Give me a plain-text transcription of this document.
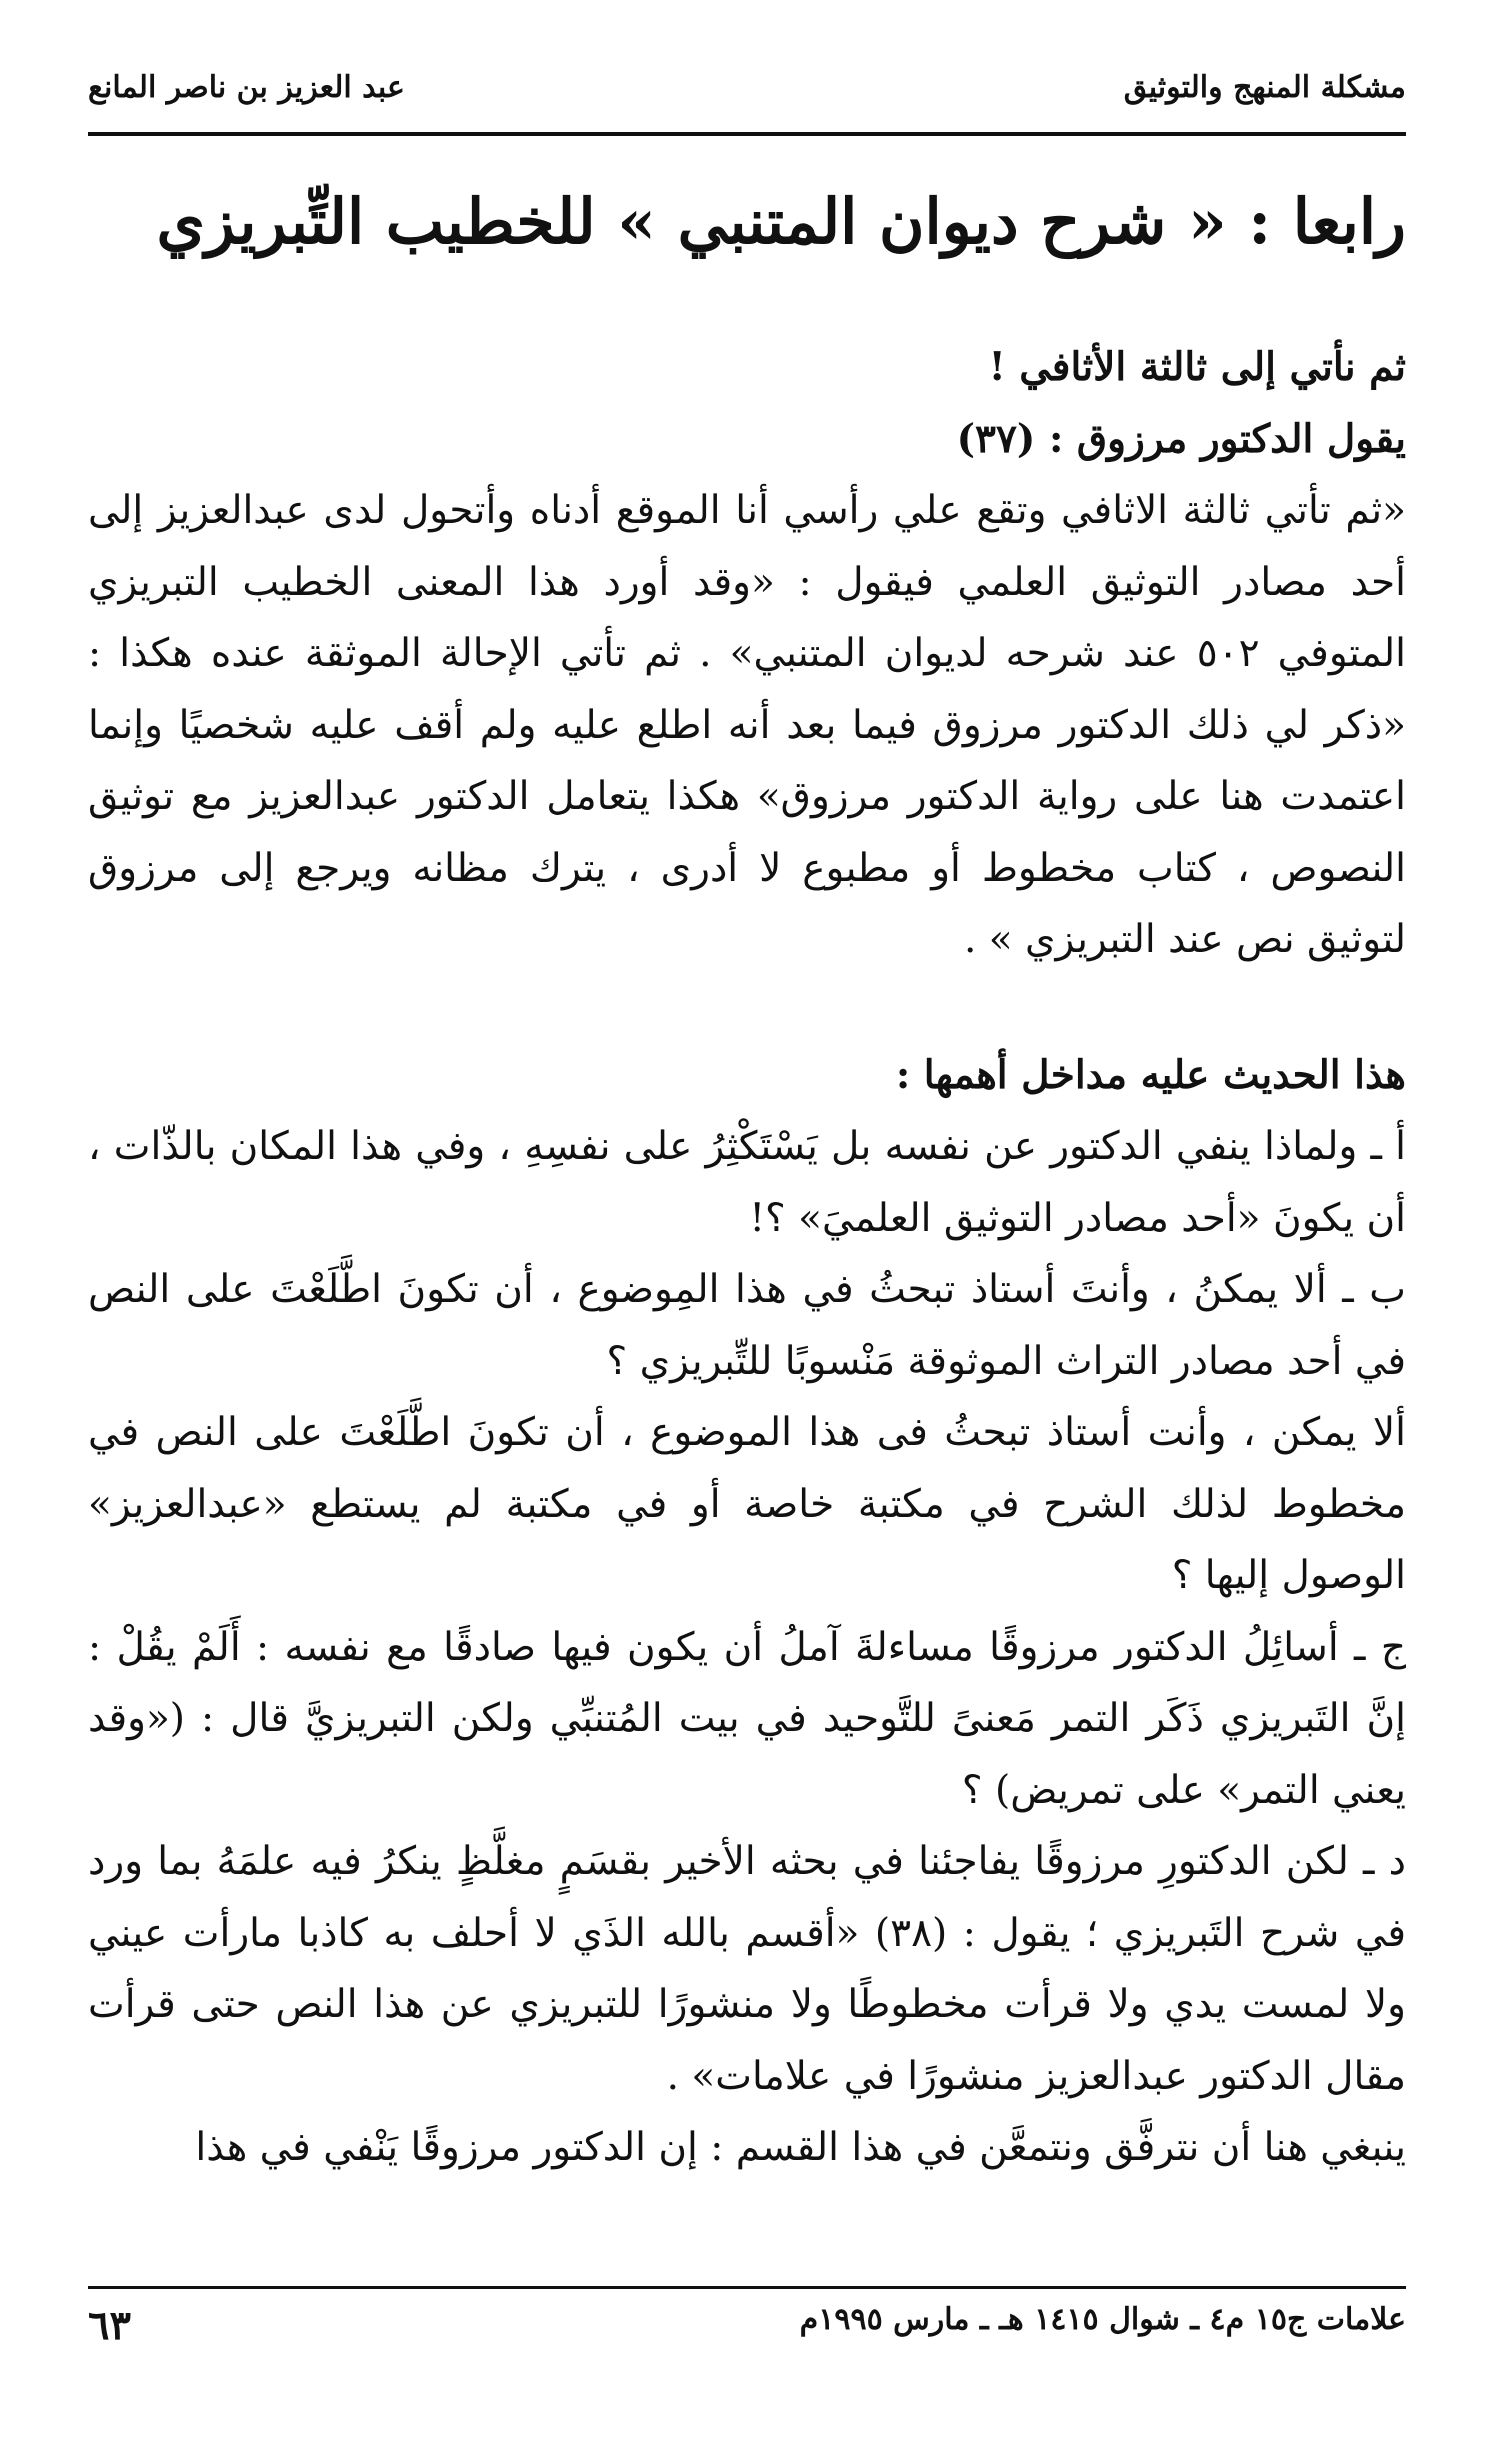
مشكلة المنهج والتوثيق
عبد العزيز بن ناصر المانع
رابعا : « شرح ديوان المتنبي » للخطيب التِّبريزي

ثم نأتي إلى ثالثة الأثافي !

يقول الدكتور مرزوق : (٣٧)

«ثم تأتي ثالثة الاثافي وتقع علي رأسي أنا الموقع أدناه وأتحول لدى عبدالعزيز إلى أحد مصادر التوثيق العلمي فيقول : «وقد أورد هذا المعنى الخطيب التبريزي المتوفي ٥٠٢ عند شرحه لديوان المتنبي» . ثم تأتي الإحالة الموثقة عنده هكذا : «ذكر لي ذلك الدكتور مرزوق فيما بعد أنه اطلع عليه ولم أقف عليه شخصيًا وإنما اعتمدت هنا على رواية الدكتور مرزوق» هكذا يتعامل الدكتور عبدالعزيز مع توثيق النصوص ، كتاب مخطوط أو مطبوع لا أدرى ، يترك مظانه ويرجع إلى مرزوق لتوثيق نص عند التبريزي » .

هذا الحديث عليه مداخل أهمها :

أ ـ ولماذا ينفي الدكتور عن نفسه بل يَسْتَكْثِرُ على نفسِهِ ، وفي هذا المكان بالذّات ، أن يكونَ «أحد مصادر التوثيق العلميَ» ؟!

ب ـ ألا يمكنُ ، وأنتَ أستاذ تبحثُ في هذا المِوضوع ، أن تكونَ اطَّلَعْتَ على النص في أحد مصادر التراث الموثوقة مَنْسوبًا للتِّبريزي ؟

ألا يمكن ، وأنت أستاذ تبحثُ فى هذا الموضوع ، أن تكونَ اطَّلَعْتَ على النص في مخطوط لذلك الشرح في مكتبة خاصة أو في مكتبة لم يستطع «عبدالعزيز» الوصول إليها ؟

ج ـ أسائِلُ الدكتور مرزوقًا مساءلةَ آملُ أن يكون فيها صادقًا مع نفسه : أَلَمْ يقُلْ : إنَّ التَبريزي ذَكَر التمر مَعنىً للتَّوحيد في بيت المُتنبِّي ولكن التبريزيَّ قال : («وقد يعني التمر» على تمريض) ؟

د ـ لكن الدكتورِ مرزوقًا يفاجئنا في بحثه الأخير بقسَمٍ مغلَّظٍ ينكرُ فيه علمَهُ بما ورد في شرح التَبريزي ؛ يقول : (٣٨) «أقسم بالله الذَي لا أحلف به كاذبا مارأت عيني ولا لمست يدي ولا قرأت مخطوطًا ولا منشورًا للتبريزي عن هذا النص حتى قرأت مقال الدكتور عبدالعزيز منشورًا في علامات» .

ينبغي هنا أن نترفَّق ونتمعَّن في هذا القسم : إن الدكتور مرزوقًا يَنْفي في هذا

علامات ج١٥ م٤ ـ شوال ١٤١٥ هـ ـ مارس ١٩٩٥م
٦٣
